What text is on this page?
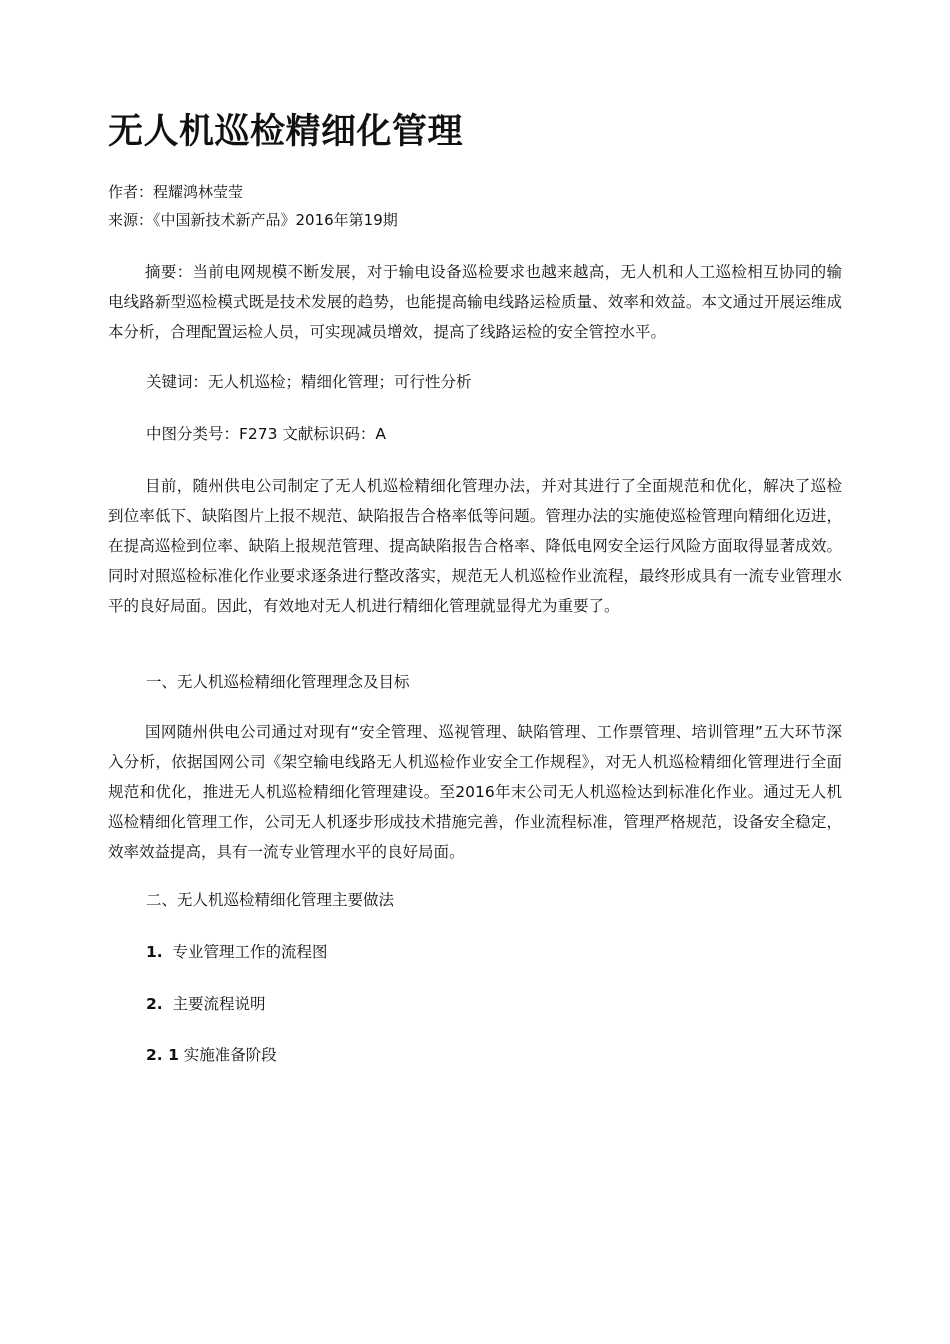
无人机巡检精细化管理
作者：程耀鸿林莹莹
来源：《中国新技术新产品》2016年第19期

摘要：当前电网规模不断发展，对于输电设备巡检要求也越来越高，无人机和人工巡检相互协同的输电线路新型巡检模式既是技术发展的趋势，也能提高输电线路运检质量、效率和效益。本文通过开展运维成本分析，合理配置运检人员，可实现减员增效，提高了线路运检的安全管控水平。

关键词：无人机巡检；精细化管理；可行性分析

中图分类号：F273 文献标识码：A

目前，随州供电公司制定了无人机巡检精细化管理办法，并对其进行了全面规范和优化，解决了巡检到位率低下、缺陷图片上报不规范、缺陷报告合格率低等问题。管理办法的实施使巡检管理向精细化迈进，在提高巡检到位率、缺陷上报规范管理、提高缺陷报告合格率、降低电网安全运行风险方面取得显著成效。同时对照巡检标准化作业要求逐条进行整改落实，规范无人机巡检作业流程，最终形成具有一流专业管理水平的良好局面。因此，有效地对无人机进行精细化管理就显得尤为重要了。

一、无人机巡检精细化管理理念及目标

国网随州供电公司通过对现有“安全管理、巡视管理、缺陷管理、工作票管理、培训管理”五大环节深入分析，依据国网公司《架空输电线路无人机巡检作业安全工作规程》，对无人机巡检精细化管理进行全面规范和优化，推进无人机巡检精细化管理建设。至2016年末公司无人机巡检达到标准化作业。通过无人机巡检精细化管理工作，公司无人机逐步形成技术措施完善，作业流程标准，管理严格规范，设备安全稳定，效率效益提高，具有一流专业管理水平的良好局面。

二、无人机巡检精细化管理主要做法

1. 专业管理工作的流程图

2. 主要流程说明

2. 1 实施准备阶段
